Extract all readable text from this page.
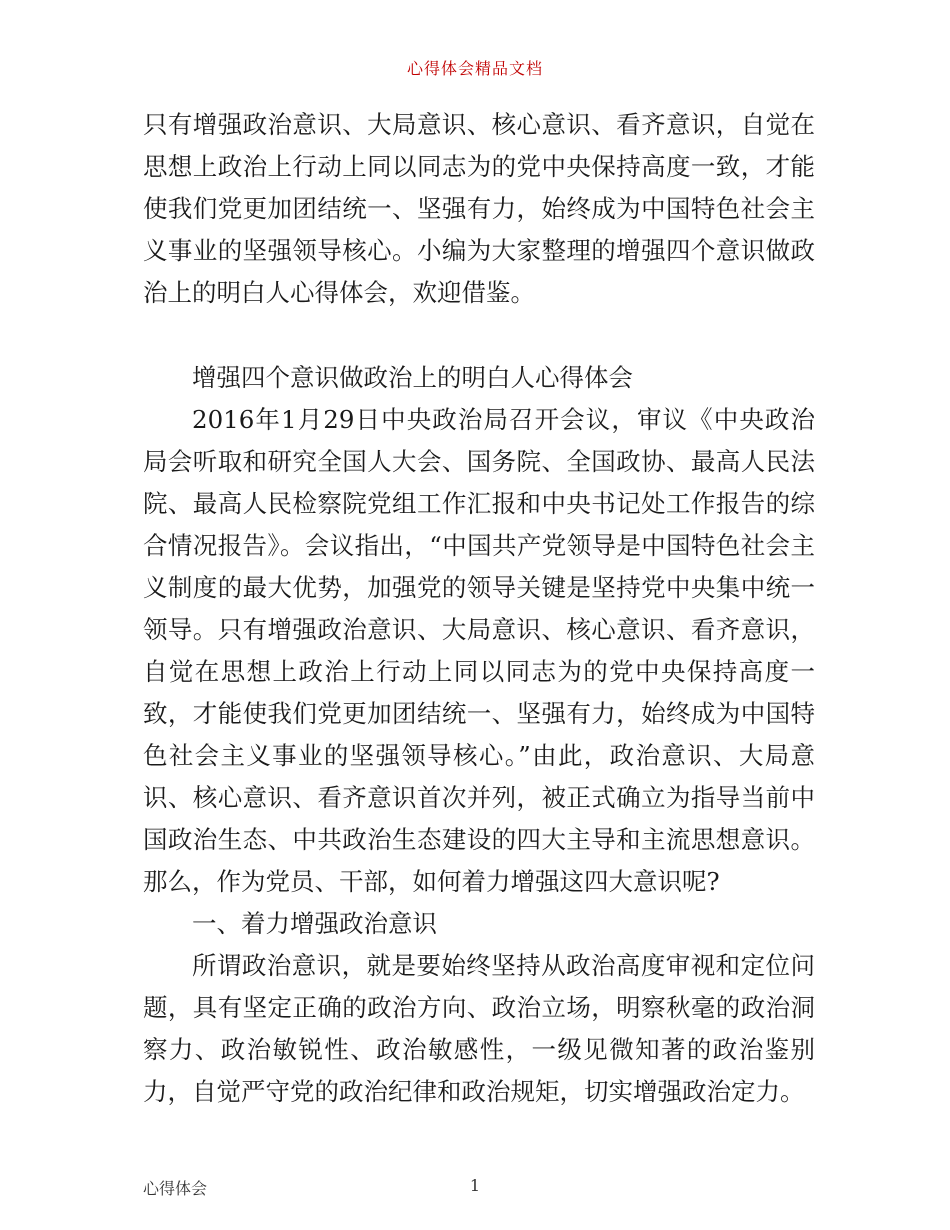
心得体会精品文档

只有增强政治意识、大局意识、核心意识、看齐意识，自觉在思想上政治上行动上同以同志为的党中央保持高度一致，才能使我们党更加团结统一、坚强有力，始终成为中国特色社会主义事业的坚强领导核心。小编为大家整理的增强四个意识做政治上的明白人心得体会，欢迎借鉴。

增强四个意识做政治上的明白人心得体会

2016年1月29日中央政治局召开会议，审议《中央政治局会听取和研究全国人大会、国务院、全国政协、最高人民法院、最高人民检察院党组工作汇报和中央书记处工作报告的综合情况报告》。会议指出，“中国共产党领导是中国特色社会主义制度的最大优势，加强党的领导关键是坚持党中央集中统一领导。只有增强政治意识、大局意识、核心意识、看齐意识，自觉在思想上政治上行动上同以同志为的党中央保持高度一致，才能使我们党更加团结统一、坚强有力，始终成为中国特色社会主义事业的坚强领导核心。”由此，政治意识、大局意识、核心意识、看齐意识首次并列，被正式确立为指导当前中国政治生态、中共政治生态建设的四大主导和主流思想意识。那么，作为党员、干部，如何着力增强这四大意识呢?

一、着力增强政治意识

所谓政治意识，就是要始终坚持从政治高度审视和定位问题，具有坚定正确的政治方向、政治立场，明察秋毫的政治洞察力、政治敏锐性、政治敏感性，一级见微知著的政治鉴别力，自觉严守党的政治纪律和政治规矩，切实增强政治定力。

心得体会	1
